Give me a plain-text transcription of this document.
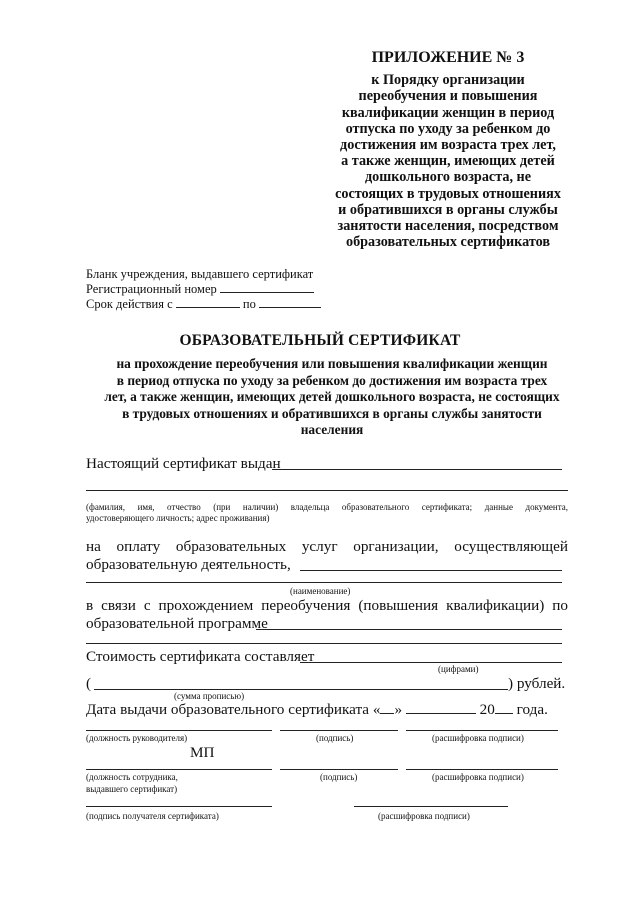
ПРИЛОЖЕНИЕ № 3
к Порядку организации
переобучения и повышения
квалификации женщин в период
отпуска по уходу за ребенком до
достижения им возраста трех лет,
а также женщин, имеющих детей
дошкольного возраста, не
состоящих в трудовых отношениях
и обратившихся в органы службы
занятости населения, посредством
образовательных сертификатов
Бланк учреждения, выдавшего сертификат
Регистрационный номер
Срок действия с	по
ОБРАЗОВАТЕЛЬНЫЙ СЕРТИФИКАТ
на прохождение переобучения или повышения квалификации женщин
в период отпуска по уходу за ребенком до достижения им возраста трех
лет, а также женщин, имеющих детей дошкольного возраста, не состоящих
в трудовых отношениях и обратившихся в органы службы занятости
населения
Настоящий сертификат выдан
(фамилия, имя, отчество (при наличии) владельца образовательного сертификата; данные документа,
удостоверяющего личность; адрес проживания)
на оплату образовательных услуг организации, осуществляющей
образовательную деятельность,
(наименование)
в связи с прохождением переобучения (повышения квалификации) по
образовательной программе
Стоимость сертификата составляет
(цифрами)
(	) рублей.
(сумма прописью)
Дата выдачи образовательного сертификата « »	20 года.
(должность руководителя)	(подпись)	(расшифровка подписи)
МП
(должность сотрудника,
выдавшего сертификат)
(подпись)	(расшифровка подписи)
(подпись получателя сертификата)	(расшифровка подписи)
